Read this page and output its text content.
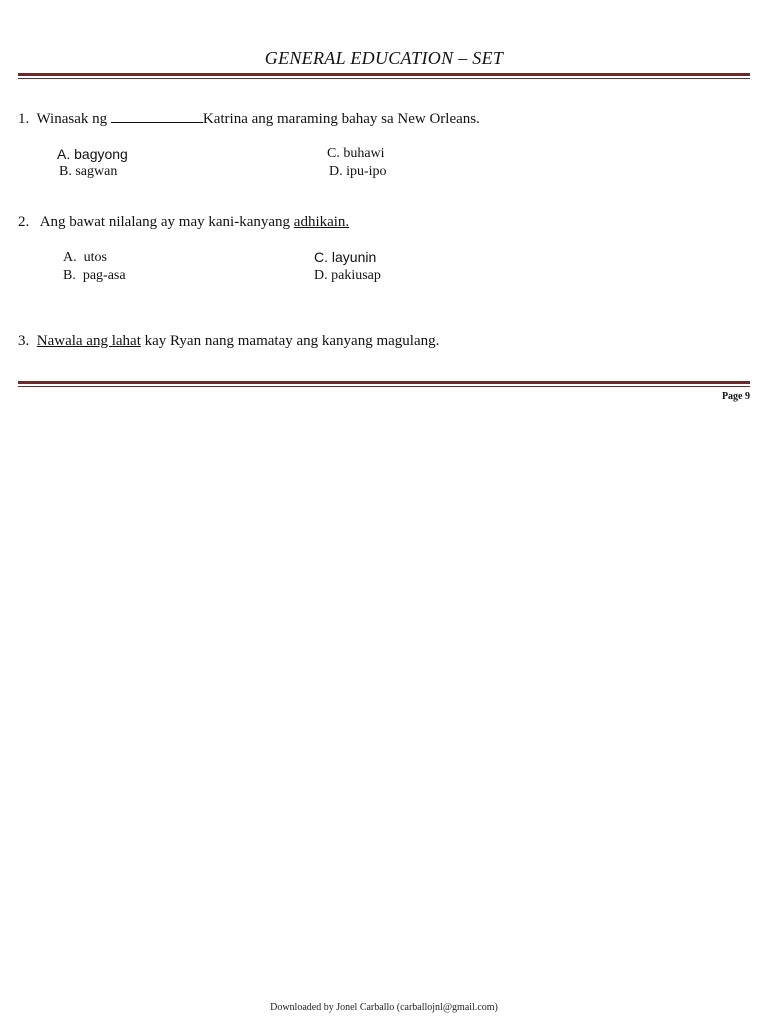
GENERAL EDUCATION – SET
1. Winasak ng	Katrina ang maraming bahay sa New Orleans.
A. bagyong
B. sagwan
C. buhawi
D. ipu-ipo
2. Ang bawat nilalang ay may kani-kanyang adhikain.
A. utos
B. pag-asa
C. layunin
D. pakiusap
3. Nawala ang lahat kay Ryan nang mamatay ang kanyang magulang.
Page 9
Downloaded by Jonel Carballo (carballojnl@gmail.com)
